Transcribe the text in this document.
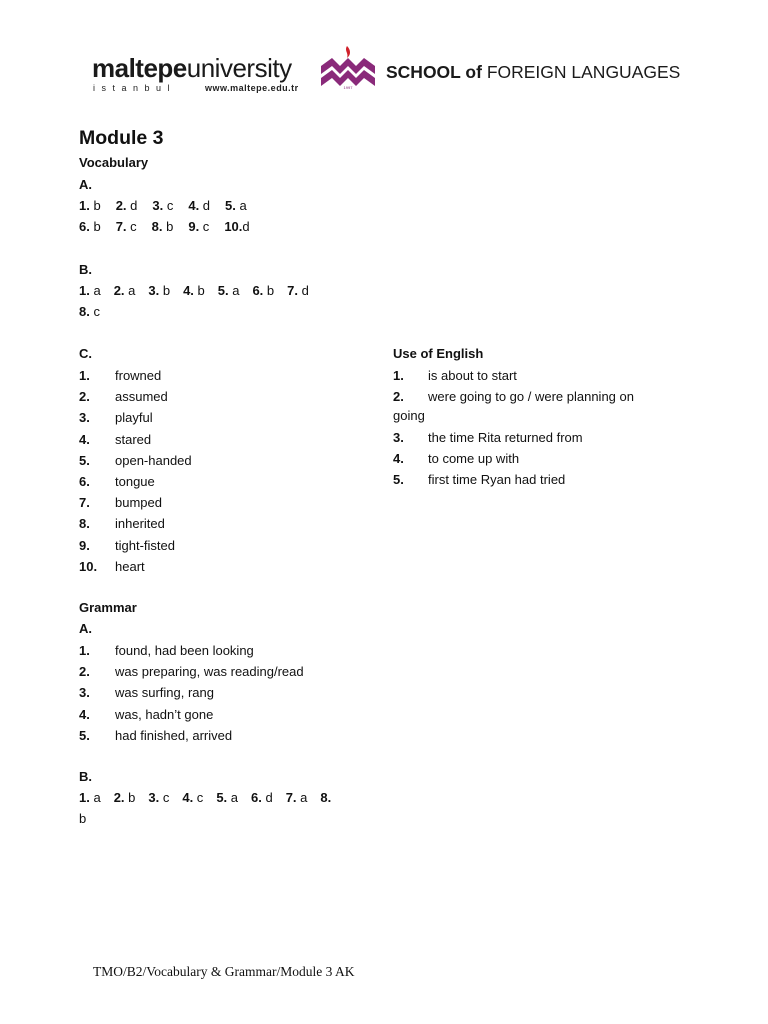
maltepeuniversity
istanbul	www.maltepe.edu.tr	1997
SCHOOL of FOREIGN LANGUAGES
Module 3
Vocabulary
A.
1. b 2. d 3. c 4. d 5. a
6. b 7. c 8. b 9. c 10.d
B.
1. a 2. a 3. b 4. b 5. a 6. b 7. d
8. c
C.
1. frowned
2. assumed
3. playful
4. stared
5. open-handed
6. tongue
7. bumped
8. inherited
9. tight-fisted
10. heart
Use of English
1. is about to start
2. were going to go / were planning on
going
3. the time Rita returned from
4. to come up with
5. first time Ryan had tried
Grammar
A.
1. found, had been looking
2. was preparing, was reading/read
3. was surfing, rang
4. was, hadn’t gone
5. had finished, arrived
B.
1. a 2. b 3. c 4. c 5. a 6. d 7. a 8.
b
TMO/B2/Vocabulary & Grammar/Module 3 AK
